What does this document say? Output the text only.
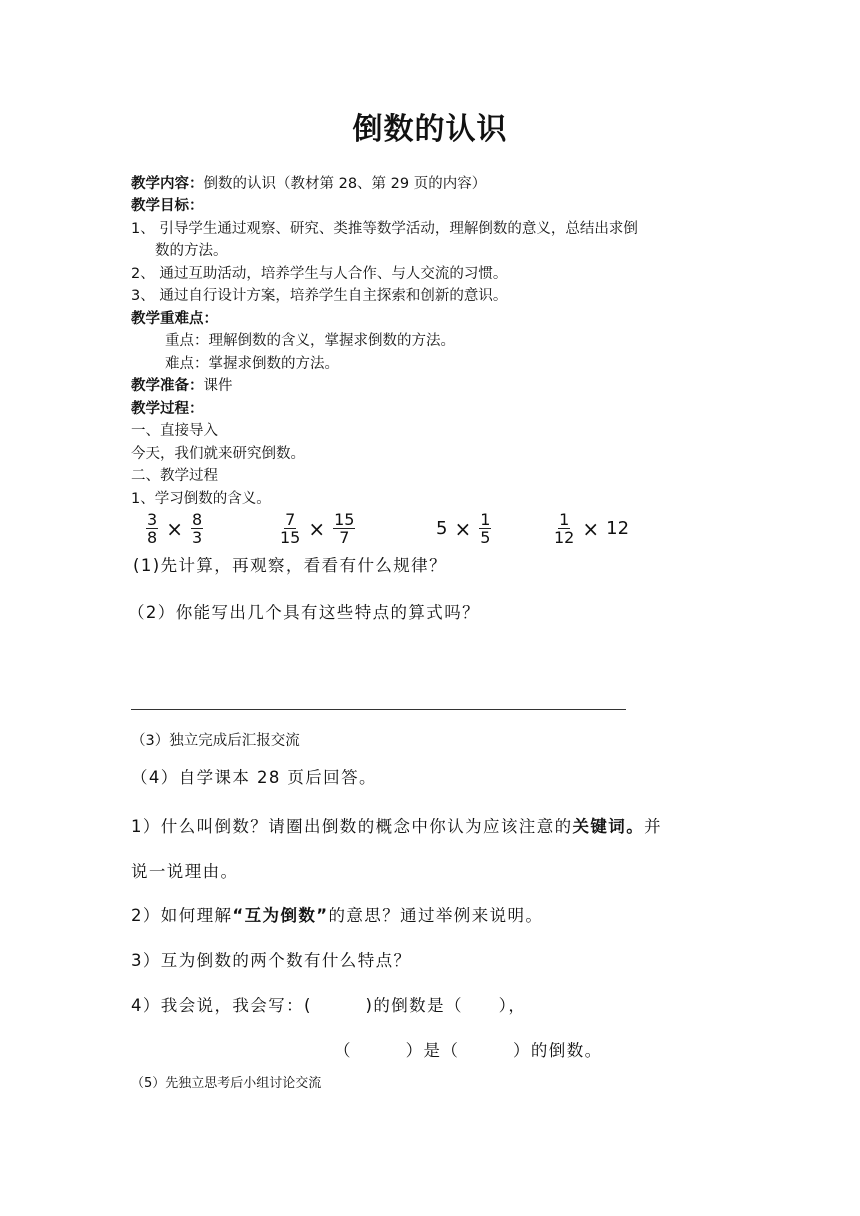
倒数的认识
教学内容：倒数的认识（教材第 28、第 29 页的内容）
教学目标：
1、 引导学生通过观察、研究、类推等数学活动，理解倒数的意义，总结出求倒
数的方法。
2、 通过互助活动，培养学生与人合作、与人交流的习惯。
3、 通过自行设计方案，培养学生自主探索和创新的意识。
教学重难点：
重点：理解倒数的含义，掌握求倒数的方法。
难点：掌握求倒数的方法。
教学准备：课件
教学过程：
一、直接导入
今天，我们就来研究倒数。
二、教学过程
1、学习倒数的含义。
$\frac{3}{8} \times \frac{8}{3}$	$\frac{7}{15} \times \frac{15}{7}$	$5 \times \frac{1}{5}$	$\frac{1}{12} \times 12$
(1)先计算，再观察，看看有什么规律？
（2）你能写出几个具有这些特点的算式吗？
（3）独立完成后汇报交流
（4）自学课本 28 页后回答。
1）什么叫倒数？请圈出倒数的概念中你认为应该注意的关键词。并
说一说理由。
2）如何理解“互为倒数”的意思？通过举例来说明。
3）互为倒数的两个数有什么特点？
4）我会说，我会写：(　　　)的倒数是（　　），
（　　　）是（　　　）的倒数。
（5）先独立思考后小组讨论交流
